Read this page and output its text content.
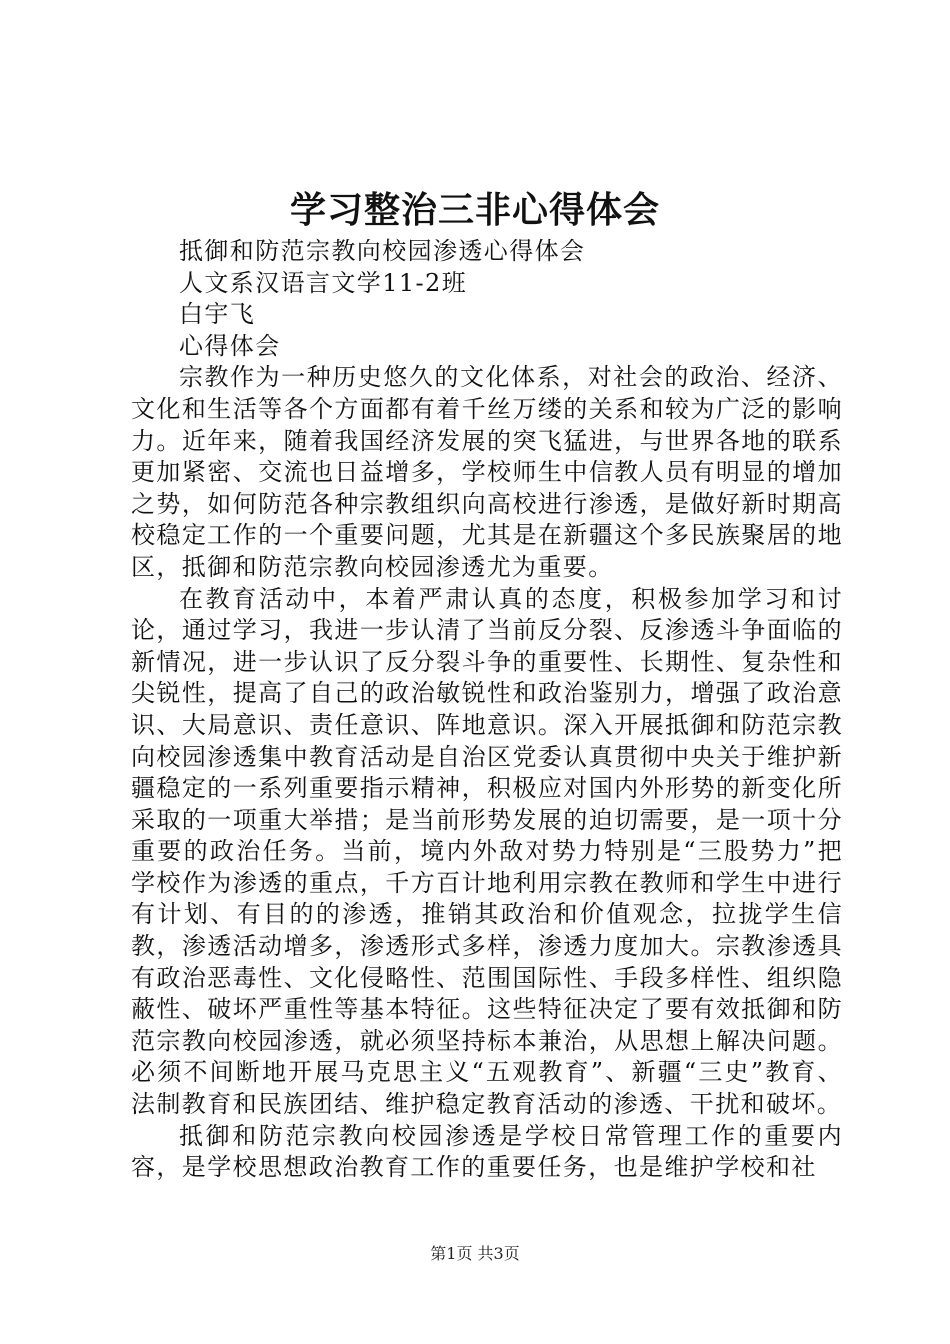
学习整治三非心得体会

抵御和防范宗教向校园渗透心得体会

人文系汉语言文学11-2班

白宇飞

心得体会

宗教作为一种历史悠久的文化体系，对社会的政治、经济、文化和生活等各个方面都有着千丝万缕的关系和较为广泛的影响力。近年来，随着我国经济发展的突飞猛进，与世界各地的联系更加紧密、交流也日益增多，学校师生中信教人员有明显的增加之势，如何防范各种宗教组织向高校进行渗透，是做好新时期高校稳定工作的一个重要问题，尤其是在新疆这个多民族聚居的地区，抵御和防范宗教向校园渗透尤为重要。

在教育活动中，本着严肃认真的态度，积极参加学习和讨论，通过学习，我进一步认清了当前反分裂、反渗透斗争面临的新情况，进一步认识了反分裂斗争的重要性、长期性、复杂性和尖锐性，提高了自己的政治敏锐性和政治鉴别力，增强了政治意识、大局意识、责任意识、阵地意识。深入开展抵御和防范宗教向校园渗透集中教育活动是自治区党委认真贯彻中央关于维护新疆稳定的一系列重要指示精神，积极应对国内外形势的新变化所采取的一项重大举措；是当前形势发展的迫切需要，是一项十分重要的政治任务。当前，境内外敌对势力特别是“三股势力”把学校作为渗透的重点，千方百计地利用宗教在教师和学生中进行有计划、有目的的渗透，推销其政治和价值观念，拉拢学生信教，渗透活动增多，渗透形式多样，渗透力度加大。宗教渗透具有政治恶毒性、文化侵略性、范围国际性、手段多样性、组织隐蔽性、破坏严重性等基本特征。这些特征决定了要有效抵御和防范宗教向校园渗透，就必须坚持标本兼治，从思想上解决问题。必须不间断地开展马克思主义“五观教育”、新疆“三史”教育、法制教育和民族团结、维护稳定教育活动的渗透、干扰和破坏。

抵御和防范宗教向校园渗透是学校日常管理工作的重要内容，是学校思想政治教育工作的重要任务，也是维护学校和社

第1页 共3页
